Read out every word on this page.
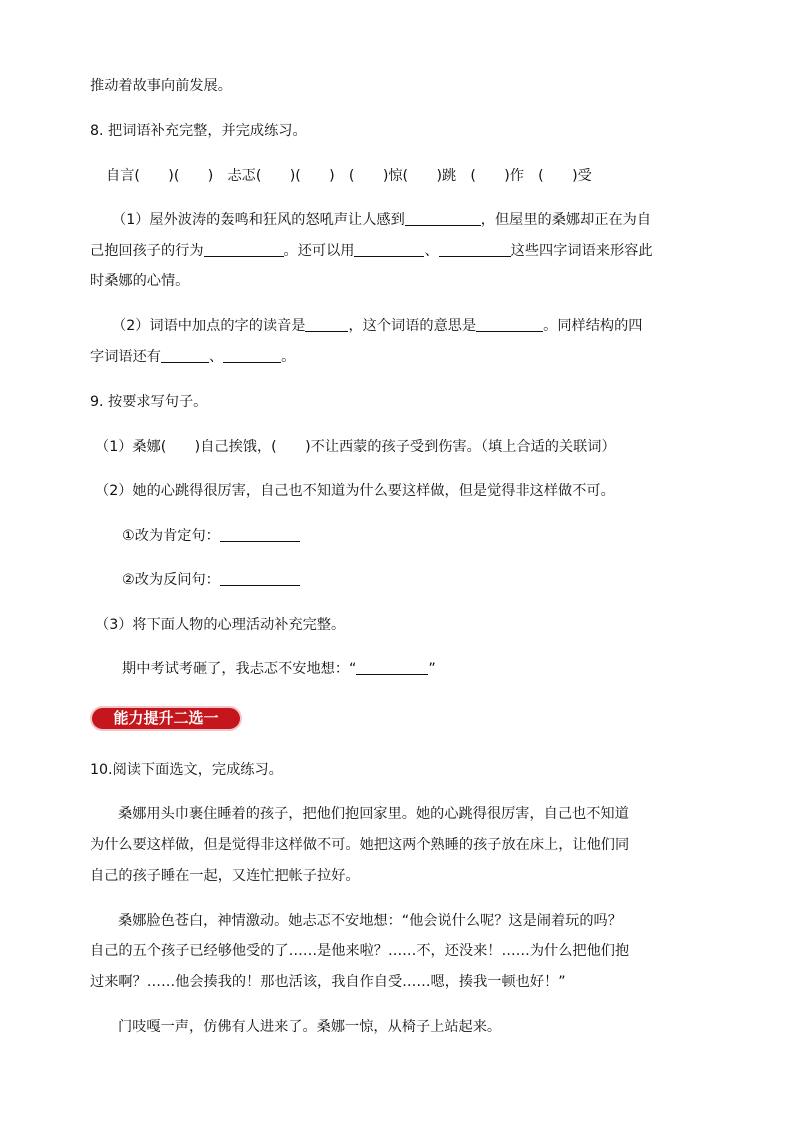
推动着故事向前发展。
8. 把词语补充完整，并完成练习。
自言(　　)(　　)　忐忑(　　)(　　)　(　　)惊(　　)跳　(　　)作　(　　)受
（1）屋外波涛的轰鸣和狂风的怒吼声让人感到	，但屋里的桑娜却正在为自
己抱回孩子的行为	。还可以用	、	这些四字词语来形容此
时桑娜的心情。
（2）词语中加点的字的读音是	，这个词语的意思是	。同样结构的四
字词语还有	、	。
9. 按要求写句子。
（1）桑娜(　　)自己挨饿，(　　)不让西蒙的孩子受到伤害。（填上合适的关联词）
（2）她的心跳得很厉害，自己也不知道为什么要这样做，但是觉得非这样做不可。
①改为肯定句：
②改为反问句：
（3）将下面人物的心理活动补充完整。
期中考试考砸了，我忐忑不安地想：“	”
能力提升二选一
10.阅读下面选文，完成练习。
桑娜用头巾裹住睡着的孩子，把他们抱回家里。她的心跳得很厉害，自己也不知道
为什么要这样做，但是觉得非这样做不可。她把这两个熟睡的孩子放在床上，让他们同
自己的孩子睡在一起，又连忙把帐子拉好。
桑娜脸色苍白，神情激动。她忐忑不安地想：“他会说什么呢？这是闹着玩的吗？
自己的五个孩子已经够他受的了……是他来啦？……不，还没来！……为什么把他们抱
过来啊？……他会揍我的！那也活该，我自作自受……嗯，揍我一顿也好！”
门吱嘎一声，仿佛有人进来了。桑娜一惊，从椅子上站起来。
